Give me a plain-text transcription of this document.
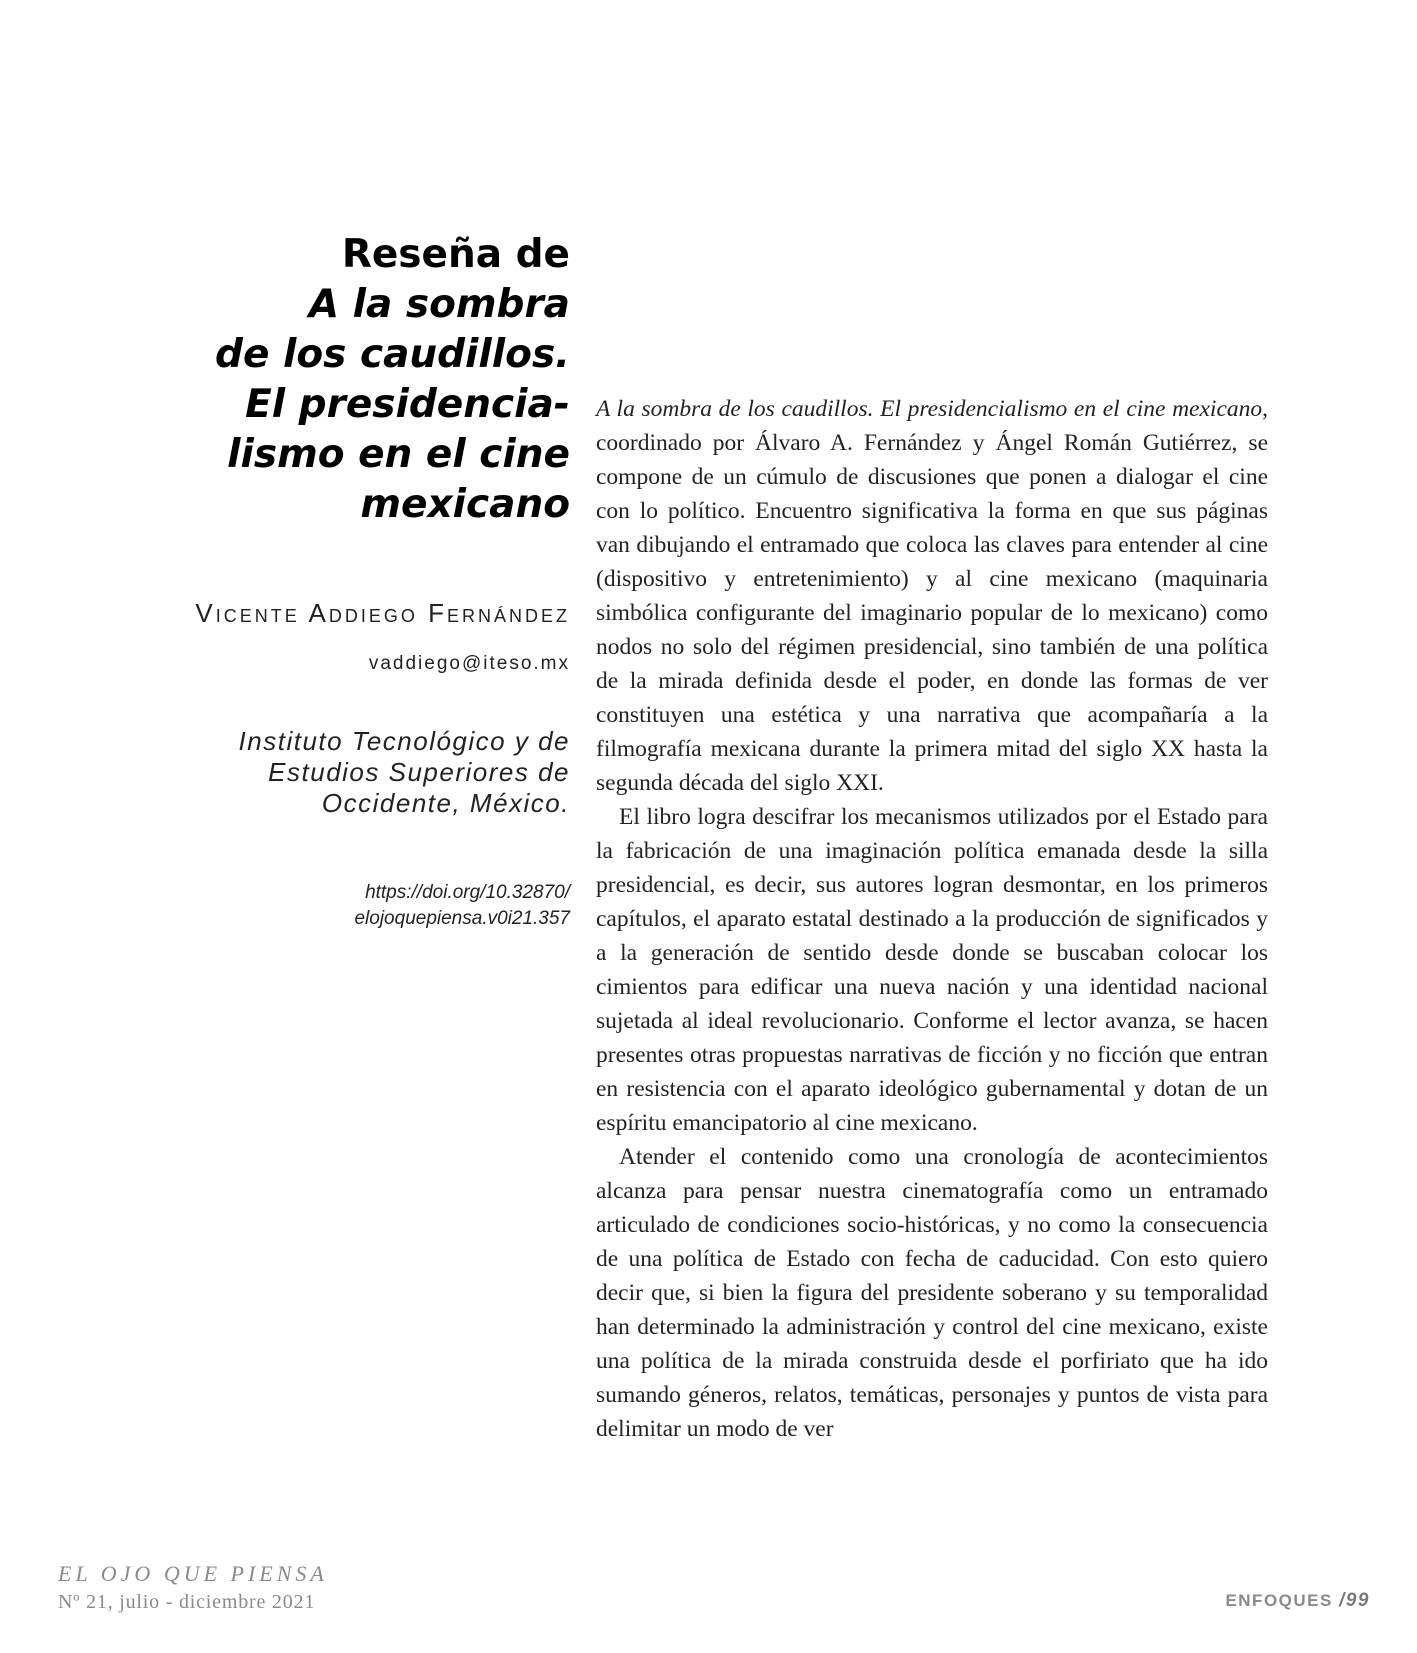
Reseña de
A la sombra
de los caudillos.
El presidencia-
lismo en el cine
mexicano
Vicente Addiego Fernández
vaddiego@iteso.mx
Instituto Tecnológico y de
Estudios Superiores de
Occidente, México.
https://doi.org/10.32870/
elojoquepiensa.v0i21.357

A la sombra de los caudillos. El presidencialismo en el cine mexicano, coordinado por Álvaro A. Fernández y Ángel Román Gutiérrez, se compone de un cúmulo de discusiones que ponen a dialogar el cine con lo político. Encuentro significativa la forma en que sus páginas van dibujando el entramado que coloca las claves para entender al cine (dispositivo y entretenimiento) y al cine mexicano (maquinaria simbólica configurante del imaginario popular de lo mexicano) como nodos no solo del régimen presidencial, sino también de una política de la mirada definida desde el poder, en donde las formas de ver constituyen una estética y una narrativa que acompañaría a la filmografía mexicana durante la primera mitad del siglo XX hasta la segunda década del siglo XXI.

El libro logra descifrar los mecanismos utilizados por el Estado para la fabricación de una imaginación política emanada desde la silla presidencial, es decir, sus autores logran desmontar, en los primeros capítulos, el aparato estatal destinado a la producción de significados y a la generación de sentido desde donde se buscaban colocar los cimientos para edificar una nueva nación y una identidad nacional sujetada al ideal revolucionario. Conforme el lector avanza, se hacen presentes otras propuestas narrativas de ficción y no ficción que entran en resistencia con el aparato ideológico gubernamental y dotan de un espíritu emancipatorio al cine mexicano.

Atender el contenido como una cronología de acontecimientos alcanza para pensar nuestra cinematografía como un entramado articulado de condiciones socio-históricas, y no como la consecuencia de una política de Estado con fecha de caducidad. Con esto quiero decir que, si bien la figura del presidente soberano y su temporalidad han determinado la administración y control del cine mexicano, existe una política de la mirada construida desde el porfiriato que ha ido sumando géneros, relatos, temáticas, personajes y puntos de vista para delimitar un modo de ver

EL OJO QUE PIENSA
Nº 21, julio - diciembre 2021	ENFOQUES /99
